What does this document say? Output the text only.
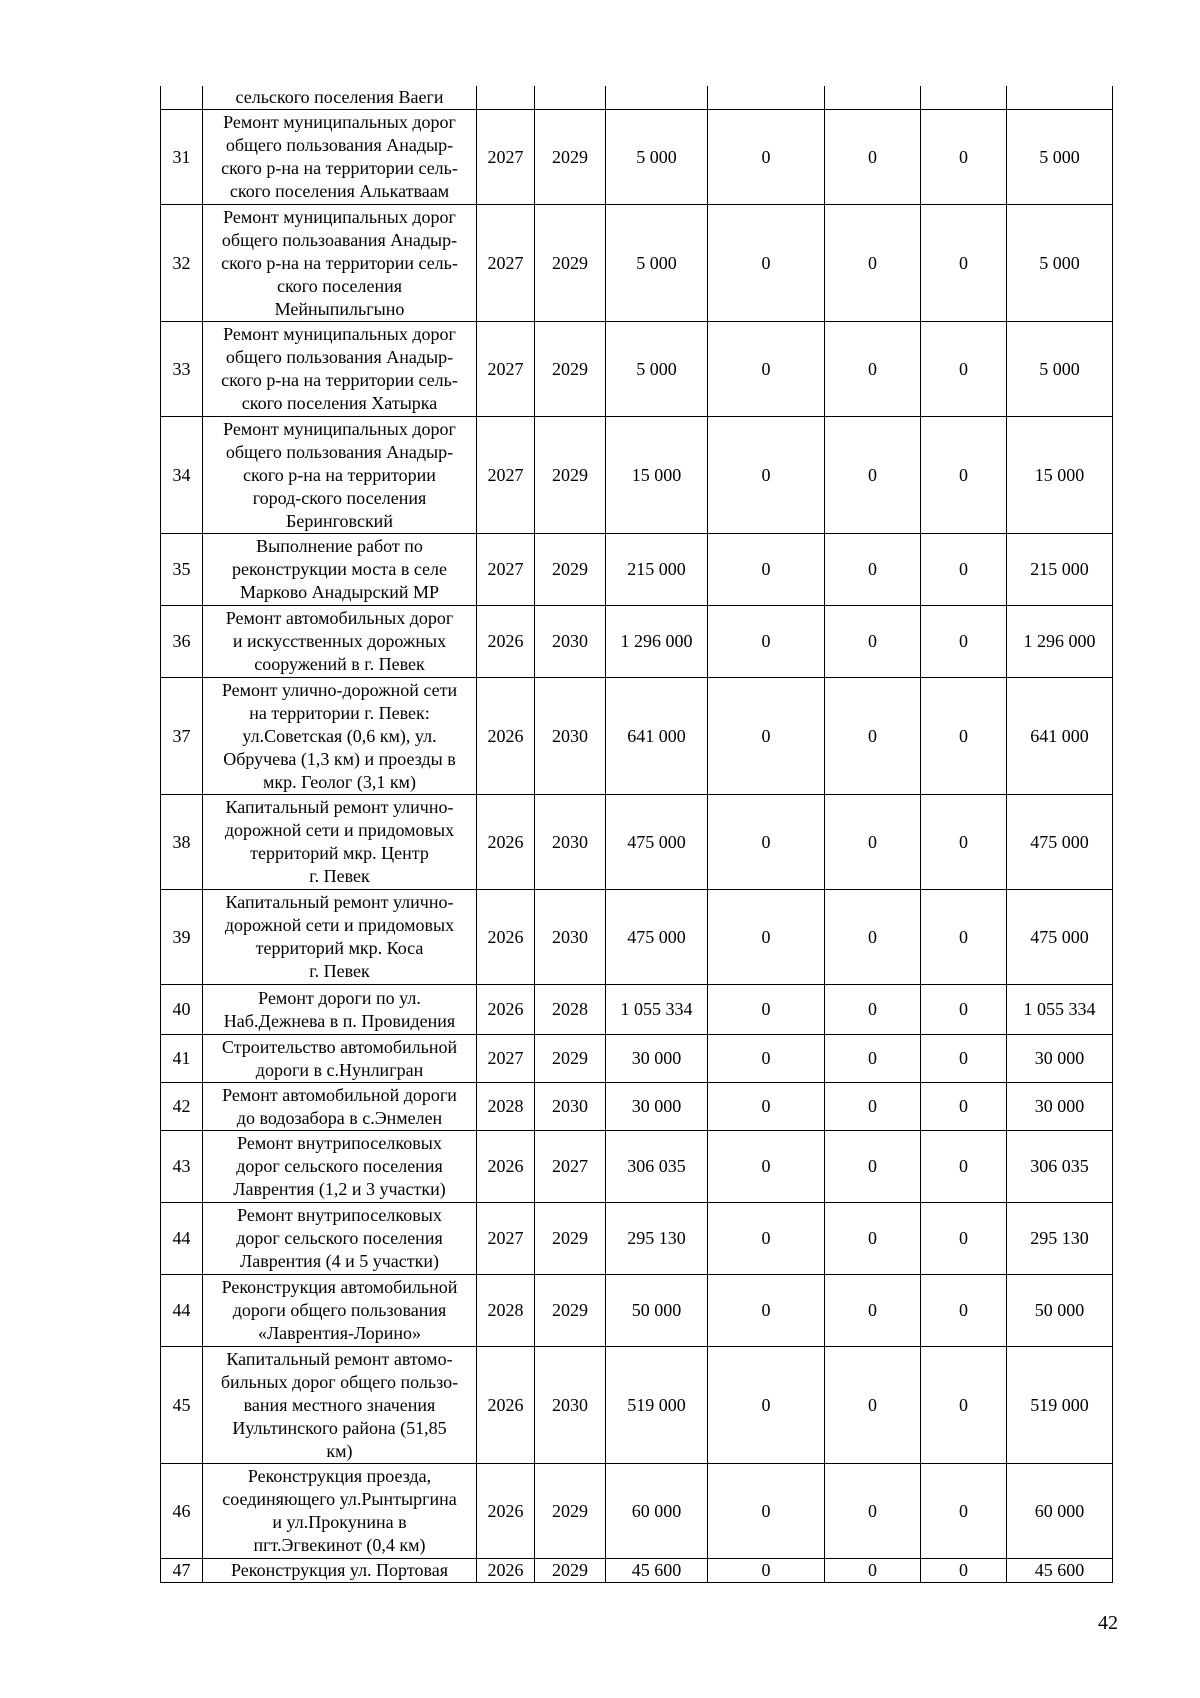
	сельского поселения Ваеги							

31	Ремонт муниципальных дорог
общего пользования Анадыр-
ского р-на на территории сель-
ского поселения Алькатваам	2027	2029	5 000	0	0	0	5 000
32	Ремонт муниципальных дорог
общего пользоавания Анадыр-
ского р-на на территории сель-
ского поселения
Мейныпильгыно	2027	2029	5 000	0	0	0	5 000
33	Ремонт муниципальных дорог
общего пользования Анадыр-
ского р-на на территории сель-
ского поселения Хатырка	2027	2029	5 000	0	0	0	5 000
34	Ремонт муниципальных дорог
общего пользования Анадыр-
ского р-на на территории
город-ского поселения
Беринговский	2027	2029	15 000	0	0	0	15 000
35	Выполнение работ по
реконструкции моста в селе
Марково Анадырский МР	2027	2029	215 000	0	0	0	215 000
36	Ремонт автомобильных дорог
и искусственных дорожных
сооружений в г. Певек	2026	2030	1 296 000	0	0	0	1 296 000
37	Ремонт улично-дорожной сети
на территории г. Певек:
ул.Советская (0,6 км), ул.
Обручева (1,3 км) и проезды в
мкр. Геолог (3,1 км)	2026	2030	641 000	0	0	0	641 000
38	Капитальный ремонт улично-
дорожной сети и придомовых
территорий мкр. Центр
г. Певек	2026	2030	475 000	0	0	0	475 000
39	Капитальный ремонт улично-
дорожной сети и придомовых
территорий мкр. Коса
г. Певек	2026	2030	475 000	0	0	0	475 000
40	Ремонт дороги по ул.
Наб.Дежнева в п. Провидения	2026	2028	1 055 334	0	0	0	1 055 334
41	Строительство автомобильной
дороги в с.Нунлигран	2027	2029	30 000	0	0	0	30 000
42	Ремонт автомобильной дороги
до водозабора в с.Энмелен	2028	2030	30 000	0	0	0	30 000
43	Ремонт внутрипоселковых
дорог сельского поселения
Лаврентия (1,2 и 3 участки)	2026	2027	306 035	0	0	0	306 035
44	Ремонт внутрипоселковых
дорог сельского поселения
Лаврентия (4 и 5 участки)	2027	2029	295 130	0	0	0	295 130
44	Реконструкция автомобильной
дороги общего пользования
«Лаврентия-Лорино»	2028	2029	50 000	0	0	0	50 000
45	Капитальный ремонт автомо-
бильных дорог общего пользо-
вания местного значения
Иультинского района (51,85
км)	2026	2030	519 000	0	0	0	519 000
46	Реконструкция проезда,
соединяющего ул.Рынтыргина
и ул.Прокунина в
пгт.Эгвекинот (0,4 км)	2026	2029	60 000	0	0	0	60 000
47	Реконструкция ул. Портовая	2026	2029	45 600	0	0	0	45 600
42
